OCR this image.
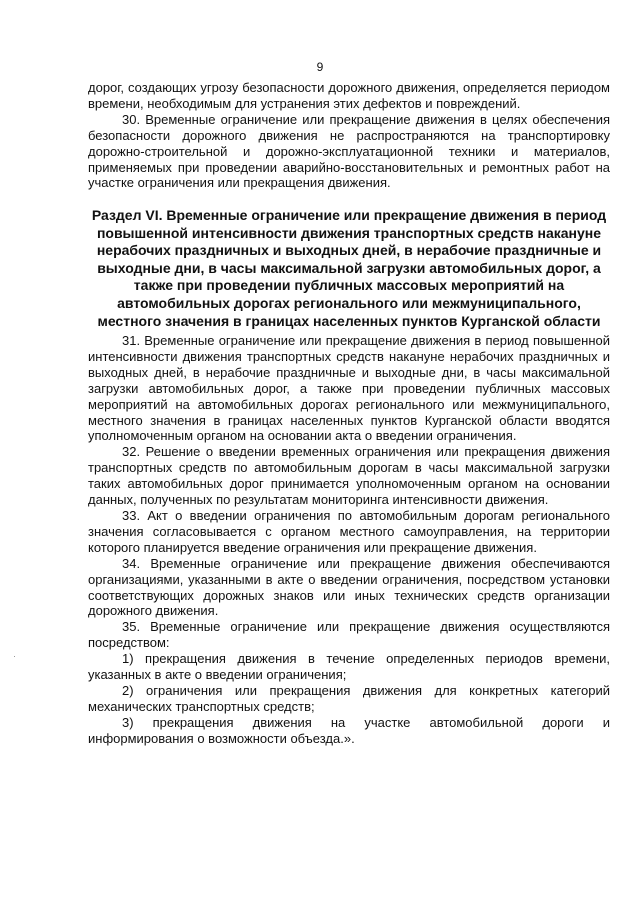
9

дорог, создающих угрозу безопасности дорожного движения, определяется периодом времени, необходимым для устранения этих дефектов и повреждений.

30. Временные ограничение или прекращение движения в целях обеспечения безопасности дорожного движения не распространяются на транспортировку дорожно-строительной и дорожно-эксплуатационной техники и материалов, применяемых при проведении аварийно-восстановительных и ремонтных работ на участке ограничения или прекращения движения.

Раздел VI. Временные ограничение или прекращение движения в период повышенной интенсивности движения транспортных средств накануне нерабочих праздничных и выходных дней, в нерабочие праздничные и выходные дни, в часы максимальной загрузки автомобильных дорог, а также при проведении публичных массовых мероприятий на автомобильных дорогах регионального или межмуниципального, местного значения в границах населенных пунктов Курганской области

31. Временные ограничение или прекращение движения в период повышенной интенсивности движения транспортных средств накануне нерабочих праздничных и выходных дней, в нерабочие праздничные и выходные дни, в часы максимальной загрузки автомобильных дорог, а также при проведении публичных массовых мероприятий на автомобильных дорогах регионального или межмуниципального, местного значения в границах населенных пунктов Курганской области вводятся уполномоченным органом на основании акта о введении ограничения.

32. Решение о введении временных ограничения или прекращения движения транспортных средств по автомобильным дорогам в часы максимальной загрузки таких автомобильных дорог принимается уполномоченным органом на основании данных, полученных по результатам мониторинга интенсивности движения.

33. Акт о введении ограничения по автомобильным дорогам регионального значения согласовывается с органом местного самоуправления, на территории которого планируется введение ограничения или прекращение движения.

34. Временные ограничение или прекращение движения обеспечиваются организациями, указанными в акте о введении ограничения, посредством установки соответствующих дорожных знаков или иных технических средств организации дорожного движения.

35. Временные ограничение или прекращение движения осуществляются посредством:

1) прекращения движения в течение определенных периодов времени, указанных в акте о введении ограничения;

2) ограничения или прекращения движения для конкретных категорий механических транспортных средств;

3) прекращения движения на участке автомобильной дороги и информирования о возможности объезда.».

·
